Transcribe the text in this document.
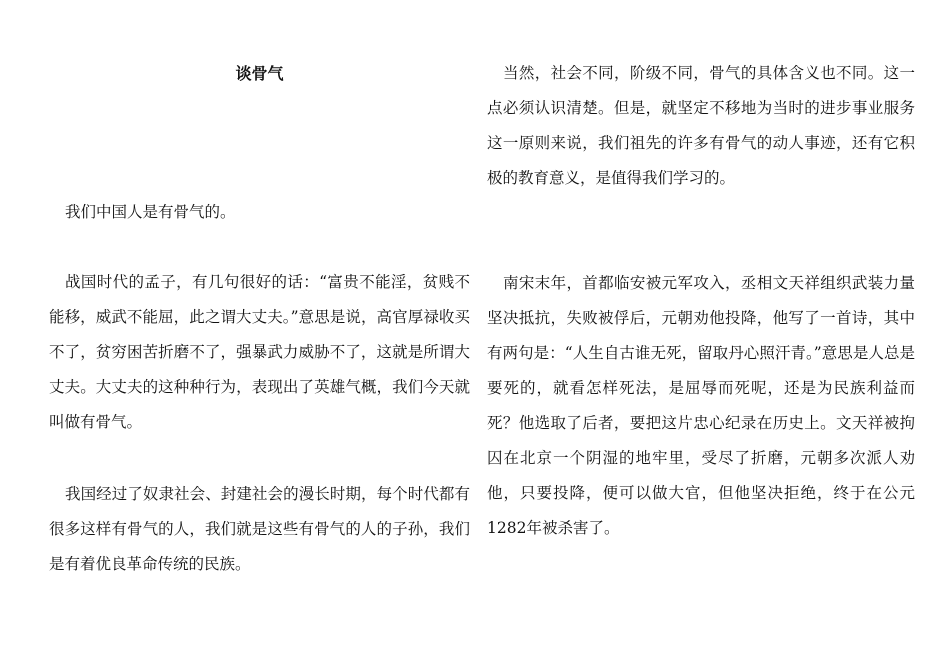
谈骨气

我们中国人是有骨气的。

战国时代的孟子，有几句很好的话：“富贵不能淫，贫贱不能移，威武不能屈，此之谓大丈夫。”意思是说，高官厚禄收买不了，贫穷困苦折磨不了，强暴武力威胁不了，这就是所谓大丈夫。大丈夫的这种种行为，表现出了英雄气概，我们今天就叫做有骨气。

我国经过了奴隶社会、封建社会的漫长时期，每个时代都有很多这样有骨气的人，我们就是这些有骨气的人的子孙，我们是有着优良革命传统的民族。

当然，社会不同，阶级不同，骨气的具体含义也不同。这一点必须认识清楚。但是，就坚定不移地为当时的进步事业服务这一原则来说，我们祖先的许多有骨气的动人事迹，还有它积极的教育意义，是值得我们学习的。

南宋末年，首都临安被元军攻入，丞相文天祥组织武装力量坚决抵抗，失败被俘后，元朝劝他投降，他写了一首诗，其中有两句是：“人生自古谁无死，留取丹心照汗青。”意思是人总是要死的，就看怎样死法，是屈辱而死呢，还是为民族利益而死？他选取了后者，要把这片忠心纪录在历史上。文天祥被拘囚在北京一个阴湿的地牢里，受尽了折磨，元朝多次派人劝他，只要投降，便可以做大官，但他坚决拒绝，终于在公元1282年被杀害了。
